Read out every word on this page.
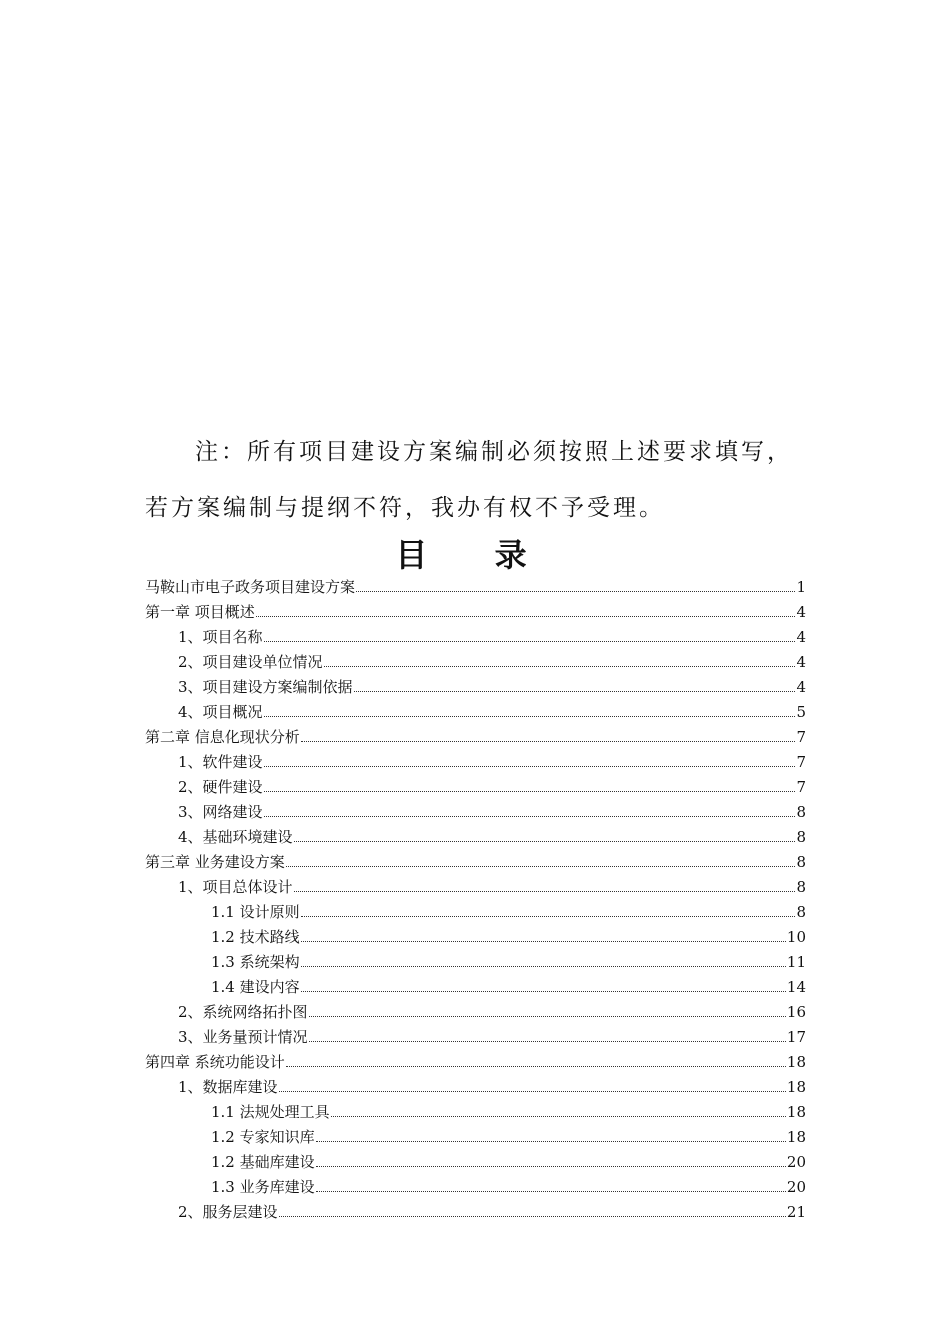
注：所有项目建设方案编制必须按照上述要求填写，
若方案编制与提纲不符，我办有权不予受理。
目 录
马鞍山市电子政务项目建设方案	1
第一章 项目概述	4
1、项目名称	4
2、项目建设单位情况	4
3、项目建设方案编制依据	4
4、项目概况	5
第二章 信息化现状分析	7
1、软件建设	7
2、硬件建设	7
3、网络建设	8
4、基础环境建设	8
第三章 业务建设方案	8
1、项目总体设计	8
1.1 设计原则	8
1.2 技术路线	10
1.3 系统架构	11
1.4 建设内容	14
2、系统网络拓扑图	16
3、业务量预计情况	17
第四章 系统功能设计	18
1、数据库建设	18
1.1 法规处理工具	18
1.2 专家知识库	18
1.2 基础库建设	20
1.3 业务库建设	20
2、服务层建设	21
